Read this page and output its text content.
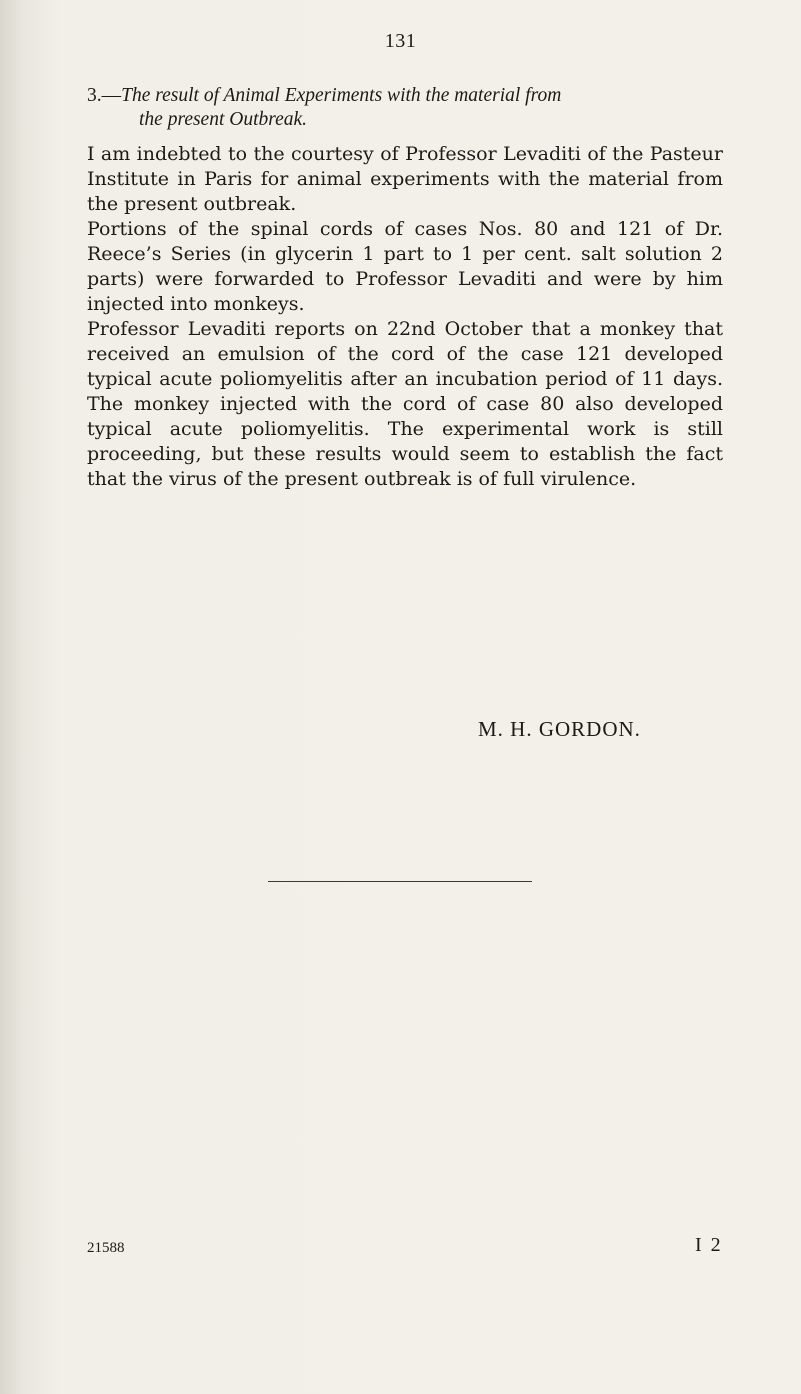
131
3.—The result of Animal Experiments with the material from
the present Outbreak.

I am indebted to the courtesy of Professor Levaditi of the Pasteur Institute in Paris for animal experiments with the material from the present outbreak.

Portions of the spinal cords of cases Nos. 80 and 121 of Dr. Reece’s Series (in glycerin 1 part to 1 per cent. salt solution 2 parts) were forwarded to Professor Levaditi and were by him injected into monkeys.

Professor Levaditi reports on 22nd October that a monkey that received an emulsion of the cord of the case 121 developed typical acute poliomyelitis after an incubation period of 11 days. The monkey injected with the cord of case 80 also developed typical acute poliomyelitis. The experimental work is still proceeding, but these results would seem to establish the fact that the virus of the present outbreak is of full virulence.

M. H. GORDON.
21588	I 2
